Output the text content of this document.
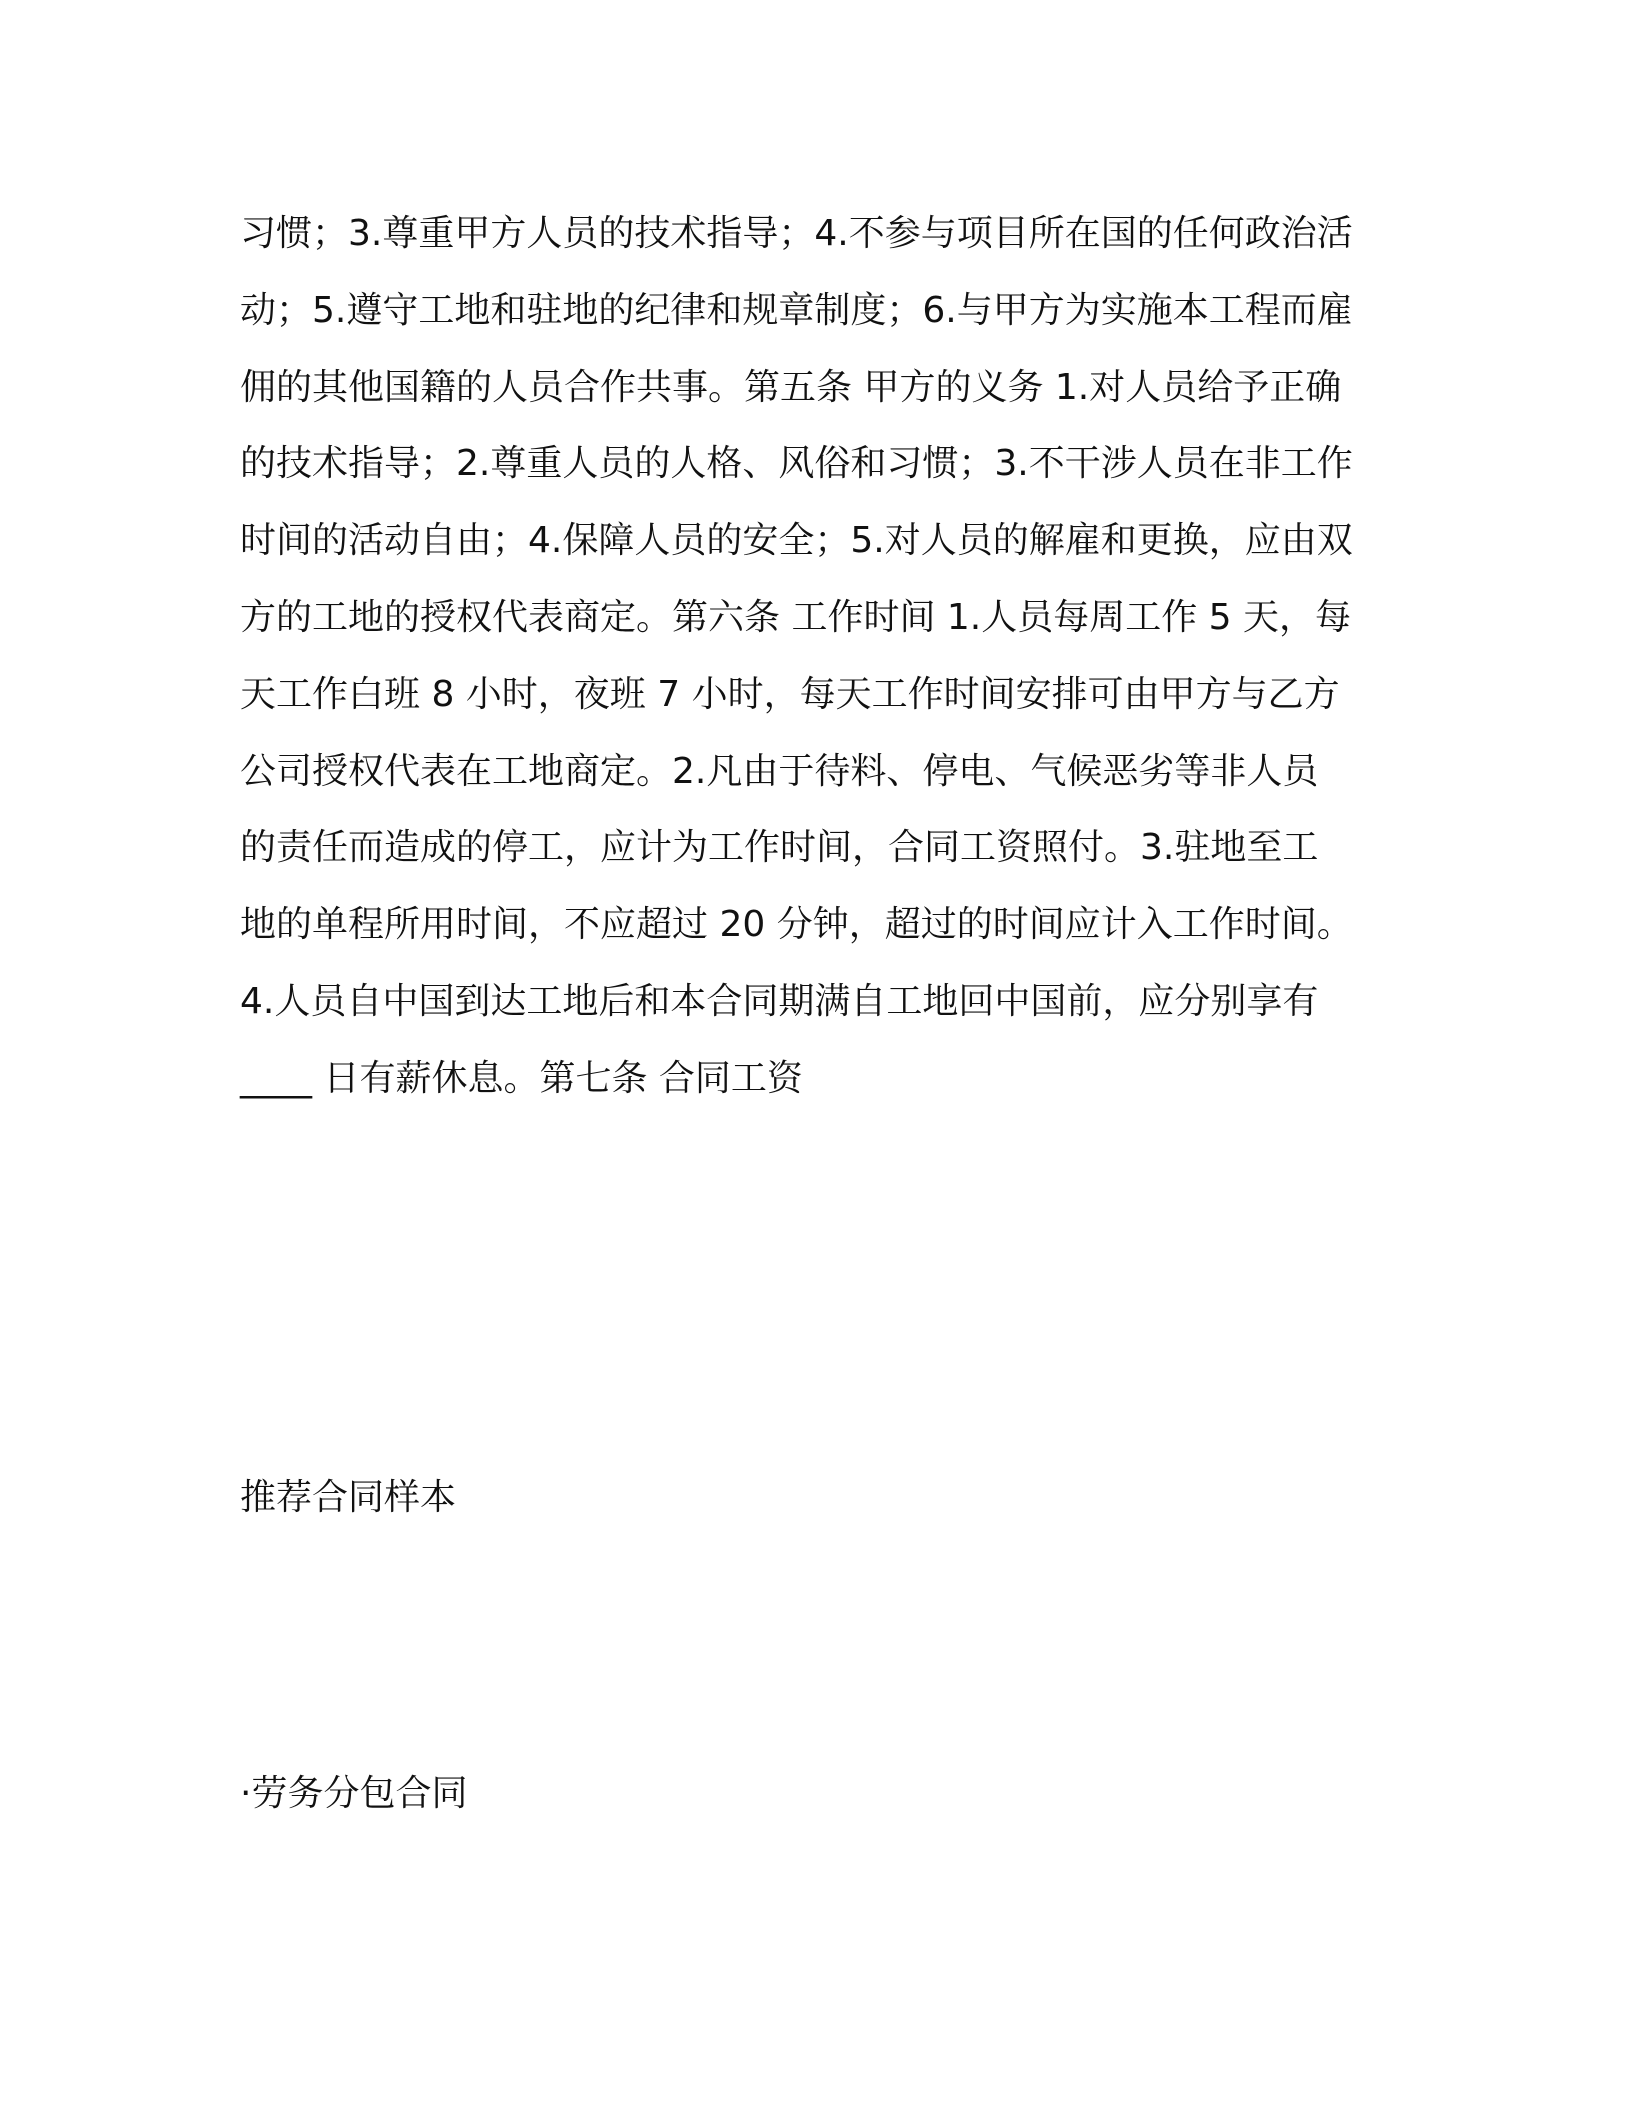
习惯；3.尊重甲方人员的技术指导；4.不参与项目所在国的任何政治活
动；5.遵守工地和驻地的纪律和规章制度；6.与甲方为实施本工程而雇
佣的其他国籍的人员合作共事。第五条 甲方的义务 1.对人员给予正确
的技术指导；2.尊重人员的人格、风俗和习惯；3.不干涉人员在非工作
时间的活动自由；4.保障人员的安全；5.对人员的解雇和更换，应由双
方的工地的授权代表商定。第六条 工作时间 1.人员每周工作 5 天，每
天工作白班 8 小时，夜班 7 小时，每天工作时间安排可由甲方与乙方
公司授权代表在工地商定。2.凡由于待料、停电、气候恶劣等非人员
的责任而造成的停工，应计为工作时间，合同工资照付。3.驻地至工
地的单程所用时间，不应超过 20 分钟，超过的时间应计入工作时间。
4.人员自中国到达工地后和本合同期满自工地回中国前，应分别享有
____ 日有薪休息。第七条 合同工资
推荐合同样本
·劳务分包合同
